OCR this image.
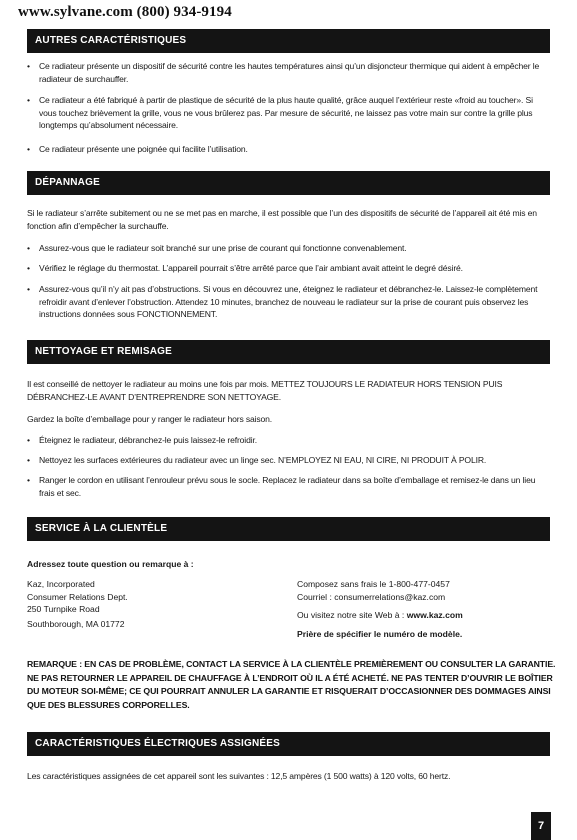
www.sylvane.com (800) 934-9194
AUTRES CARACTÉRISTIQUES
• Ce radiateur présente un dispositif de sécurité contre les hautes températures ainsi qu’un disjoncteur thermique qui aident à empêcher le radiateur de surchauffer.
• Ce radiateur a été fabriqué à partir de plastique de sécurité de la plus haute qualité, grâce auquel l’extérieur reste «froid au toucher». Si vous touchez brièvement la grille, vous ne vous brûlerez pas. Par mesure de sécurité, ne laissez pas votre main sur contre la grille plus longtemps qu’absolument nécessaire.
• Ce radiateur présente une poignée qui facilite l’utilisation.
DÉPANNAGE
Si le radiateur s’arrête subitement ou ne se met pas en marche, il est possible que l’un des dispositifs de sécurité de l’appareil ait été mis en fonction afin d’empêcher la surchauffe.
• Assurez-vous que le radiateur soit branché sur une prise de courant qui fonctionne convenablement.
• Vérifiez le réglage du thermostat. L’appareil pourrait s’être arrêté parce que l’air ambiant avait atteint le degré désiré.
• Assurez-vous qu’il n’y ait pas d’obstructions. Si vous en découvrez une, éteignez le radiateur et débranchez-le. Laissez-le complètement refroidir avant d’enlever l’obstruction. Attendez 10 minutes, branchez de nouveau le radiateur sur la prise de courant puis observez les instructions données sous FONCTIONNEMENT.
NETTOYAGE ET REMISAGE
Il est conseillé de nettoyer le radiateur au moins une fois par mois. METTEZ TOUJOURS LE RADIATEUR HORS TENSION PUIS DÉBRANCHEZ-LE AVANT D’ENTREPRENDRE SON NETTOYAGE.
Gardez la boîte d’emballage pour y ranger le radiateur hors saison.
• Éteignez le radiateur, débranchez-le puis laissez-le refroidir.
• Nettoyez les surfaces extérieures du radiateur avec un linge sec. N’EMPLOYEZ NI EAU, NI CIRE, NI PRODUIT À POLIR.
• Ranger le cordon en utilisant l’enrouleur prévu sous le socle. Replacez le radiateur dans sa boîte d’emballage et remisez-le dans un lieu frais et sec.
SERVICE À LA CLIENTÈLE
Adressez toute question ou remarque à :
Kaz, Incorporated
Consumer Relations Dept.
250 Turnpike Road
Southborough, MA 01772
Composez sans frais le 1-800-477-0457
Courriel : consumerrelations@kaz.com
Ou visitez notre site Web à : www.kaz.com
Prière de spécifier le numéro de modèle.
REMARQUE : EN CAS DE PROBLÈME, CONTACT LA SERVICE À LA CLIENTÈLE PREMIÈREMENT OU CONSULTER LA GARANTIE. NE PAS RETOURNER LE APPAREIL DE CHAUFFAGE À L’ENDROIT OÙ IL A ÉTÉ ACHETÉ. NE PAS TENTER D’OUVRIR LE BOÎTIER DU MOTEUR SOI-MÊME; CE QUI POURRAIT ANNULER LA GARANTIE ET RISQUERAIT D’OCCASIONNER DES DOMMAGES AINSI QUE DES BLESSURES CORPORELLES.
CARACTÉRISTIQUES ÉLECTRIQUES ASSIGNÉES
Les caractéristiques assignées de cet appareil sont les suivantes : 12,5 ampères (1 500 watts) à 120 volts, 60 hertz.
7
